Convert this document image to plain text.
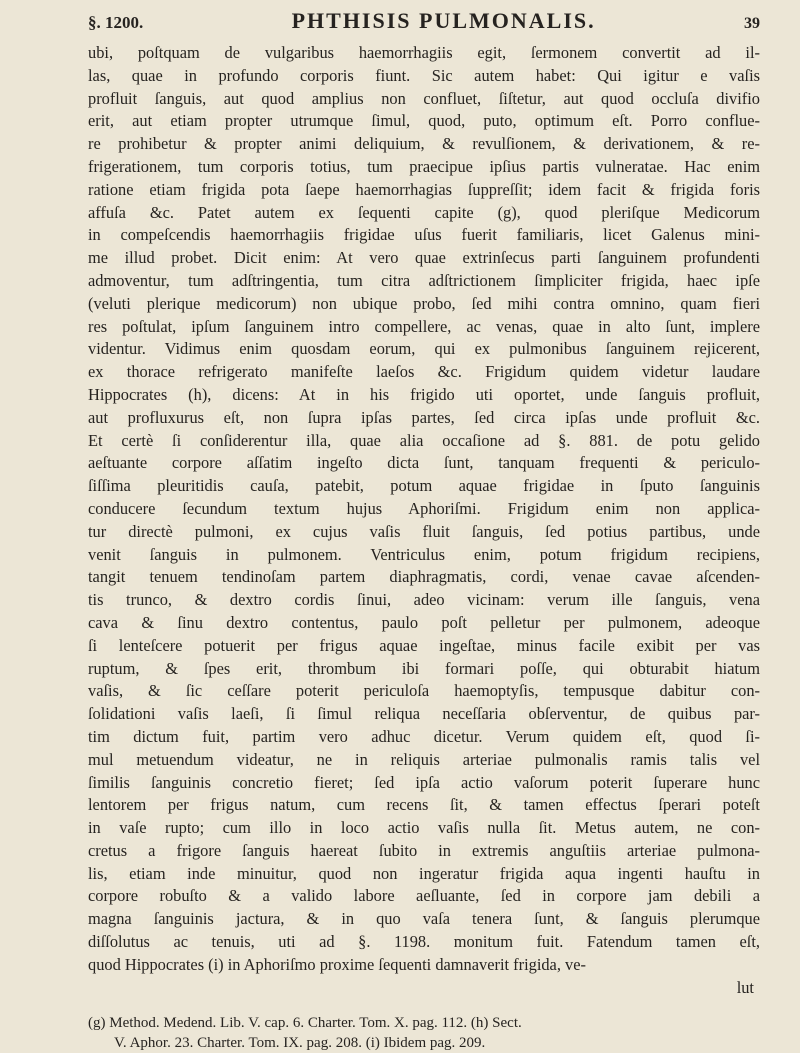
§. 1200.	PHTHISIS PULMONALIS.	39
ubi, poſtquam de vulgaribus haemorrhagiis egit, ſermonem convertit ad il-
las, quae in profundo corporis fiunt. Sic autem habet: Qui igitur e vaſis
profluit ſanguis, aut quod amplius non confluet, ſiſtetur, aut quod occluſa divifio
erit, aut etiam propter utrumque ſimul, quod, puto, optimum eſt. Porro conflue-
re prohibetur & propter animi deliquium, & revulſionem, & derivationem, & re-
frigerationem, tum corporis totius, tum praecipue ipſius partis vulneratae. Hac enim
ratione etiam frigida pota ſaepe haemorrhagias ſuppreſſit; idem facit & frigida foris
affuſa &c. Patet autem ex ſequenti capite (g), quod pleriſque Medicorum
in compeſcendis haemorrhagiis frigidae uſus fuerit familiaris, licet Galenus mini-
me illud probet. Dicit enim: At vero quae extrinſecus parti ſanguinem profundenti
admoventur, tum adſtringentia, tum citra adſtrictionem ſimpliciter frigida, haec ipſe
(veluti plerique medicorum) non ubique probo, ſed mihi contra omnino, quam fieri
res poſtulat, ipſum ſanguinem intro compellere, ac venas, quae in alto ſunt, implere
videntur. Vidimus enim quosdam eorum, qui ex pulmonibus ſanguinem rejicerent,
ex thorace refrigerato manifeſte laeſos &c. Frigidum quidem videtur laudare
Hippocrates (h), dicens: At in his frigido uti oportet, unde ſanguis profluit,
aut profluxurus eſt, non ſupra ipſas partes, ſed circa ipſas unde profluit &c.
Et certè ſi conſiderentur illa, quae alia occaſione ad §. 881. de potu gelido
aeſtuante corpore aſſatim ingeſto dicta ſunt, tanquam frequenti & periculo-
ſiſſima pleuritidis cauſa, patebit, potum aquae frigidae in ſputo ſanguinis
conducere ſecundum textum hujus Aphoriſmi. Frigidum enim non applica-
tur directè pulmoni, ex cujus vaſis fluit ſanguis, ſed potius partibus, unde
venit ſanguis in pulmonem. Ventriculus enim, potum frigidum recipiens,
tangit tenuem tendinoſam partem diaphragmatis, cordi, venae cavae aſcenden-
tis trunco, & dextro cordis ſinui, adeo vicinam: verum ille ſanguis, vena
cava & ſinu dextro contentus, paulo poſt pelletur per pulmonem, adeoque
ſi lenteſcere potuerit per frigus aquae ingeſtae, minus facile exibit per vas
ruptum, & ſpes erit, thrombum ibi formari poſſe, qui obturabit hiatum
vaſis, & ſic ceſſare poterit periculoſa haemoptyſis, tempusque dabitur con-
ſolidationi vaſis laeſi, ſi ſimul reliqua neceſſaria obſerventur, de quibus par-
tim dictum fuit, partim vero adhuc dicetur. Verum quidem eſt, quod ſi-
mul metuendum videatur, ne in reliquis arteriae pulmonalis ramis talis vel
ſimilis ſanguinis concretio fieret; ſed ipſa actio vaſorum poterit ſuperare hunc
lentorem per frigus natum, cum recens ſit, & tamen effectus ſperari poteſt
in vaſe rupto; cum illo in loco actio vaſis nulla ſit. Metus autem, ne con-
cretus a frigore ſanguis haereat ſubito in extremis anguſtiis arteriae pulmona-
lis, etiam inde minuitur, quod non ingeratur frigida aqua ingenti hauſtu in
corpore robuſto & a valido labore aeſluante, ſed in corpore jam debili a
magna ſanguinis jactura, & in quo vaſa tenera ſunt, & ſanguis plerumque
diſſolutus ac tenuis, uti ad §. 1198. monitum fuit. Fatendum tamen eſt,
quod Hippocrates (i) in Aphoriſmo proxime ſequenti damnaverit frigida, ve-
lut
(g) Method. Medend. Lib. V. cap. 6. Charter. Tom. X. pag. 112. (h) Sect.
V. Aphor. 23. Charter. Tom. IX. pag. 208. (i) Ibidem pag. 209.
